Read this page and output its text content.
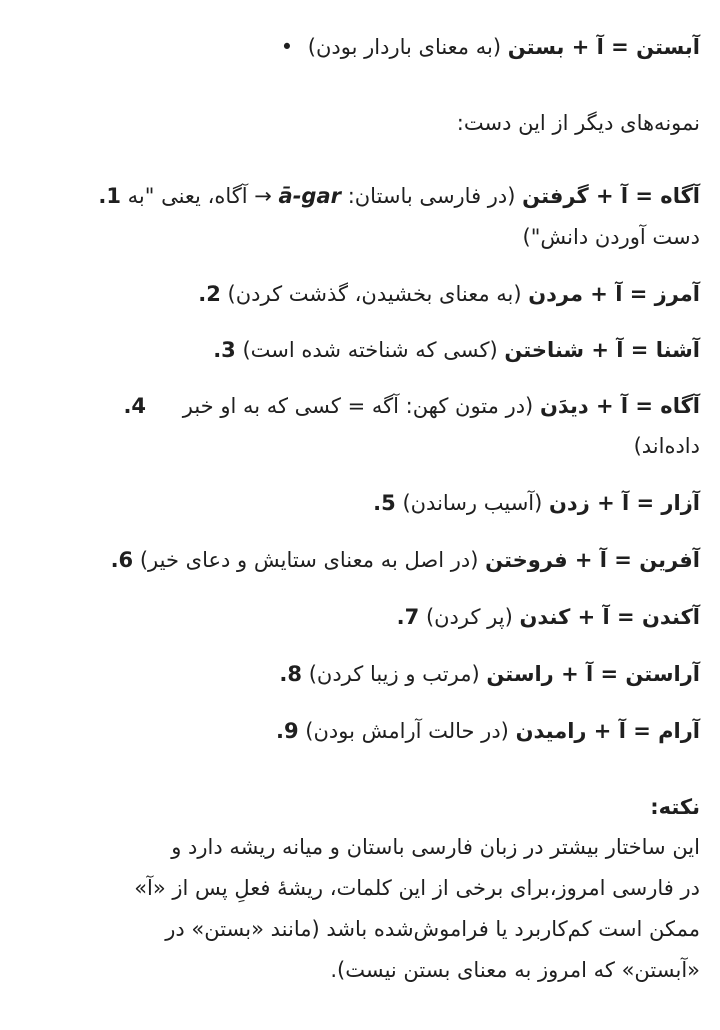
آبستن = آ + بستن (به معنای باردار بودن) •
نمونه‌های دیگر از این دست:
آگاه = آ + گرفتن (در فارسی باستان: ā-gar → آگاه، یعنی "به 1.
دست آوردن دانش")
آمرز = آ + مردن (به معنای بخشیدن، گذشت کردن) 2.
آشنا = آ + شناختن (کسی که شناخته شده است) 3.
آگاه = آ + دیدَن (در متون کهن: آگه = کسی که به او خبر 4.
داده‌اند)
آزار = آ + زدن (آسیب رساندن) 5.
آفرین = آ + فروختن (در اصل به معنای ستایش و دعای خیر) 6.
آکندن = آ + کندن (پر کردن) 7.
آراستن = آ + راستن (مرتب و زیبا کردن) 8.
آرام = آ + رامیدن (در حالت آرامش بودن) 9.
نکته:
این ساختار بیشتر در زبان فارسی باستان و میانه ریشه دارد و
در فارسی امروز،برای برخی از این کلمات، ریشهٔ فعلِ پس از «آ»
ممکن است کم‌کاربرد یا فراموش‌شده باشد (مانند «بستن» در
«آبستن» که امروز به معنای بستن نیست).
